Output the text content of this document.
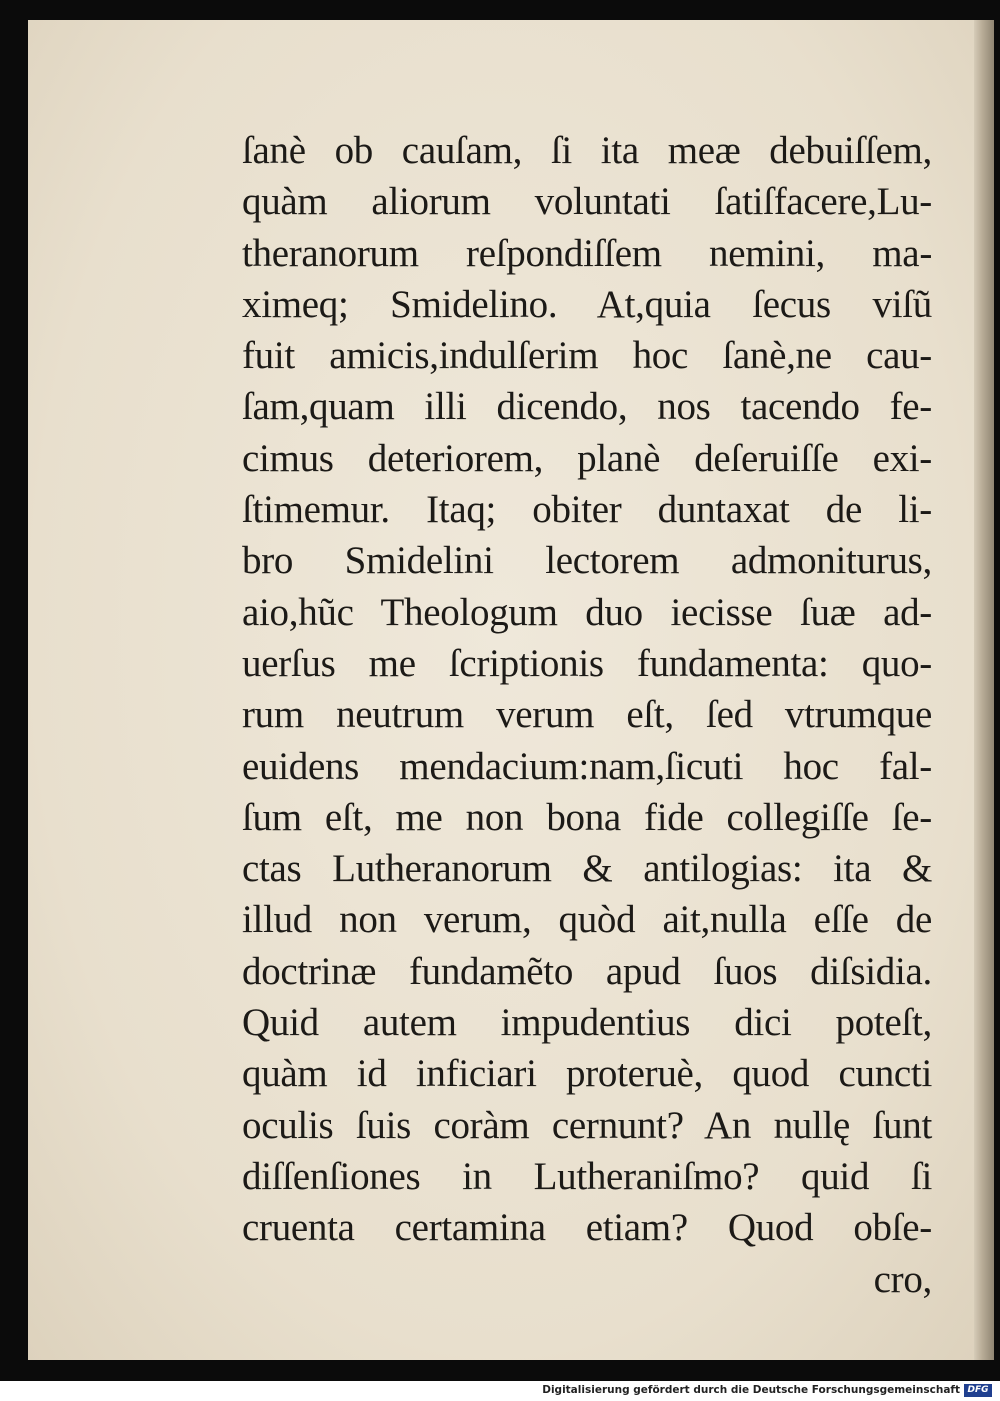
ſanè ob cauſam, ſi ita meæ debuiſſem,
quàm aliorum voluntati ſatiſfacere,Lu-
theranorum reſpondiſſem nemini, ma-
ximeq; Smidelino. At,quia ſecus viſũ
fuit amicis,indulſerim hoc ſanè,ne cau-
ſam,quam illi dicendo, nos tacendo fe-
cimus deteriorem, planè deſeruiſſe exi-
ſtimemur. Itaq; obiter duntaxat de li-
bro Smidelini lectorem admoniturus,
aio,hũc Theologum duo iecisse ſuæ ad-
uerſus me ſcriptionis fundamenta: quo-
rum neutrum verum eſt, ſed vtrumque
euidens mendacium:nam,ſicuti hoc fal-
ſum eſt, me non bona fide collegiſſe ſe-
ctas Lutheranorum & antilogias: ita &
illud non verum, quòd ait,nulla eſſe de
doctrinæ fundamẽto apud ſuos diſsidia.
Quid autem impudentius dici poteſt,
quàm id inficiari proteruè, quod cuncti
oculis ſuis coràm cernunt? An nullę ſunt
diſſenſiones in Lutheraniſmo? quid ſi
cruenta certamina etiam? Quod obſe-
cro,
Digitalisierung gefördert durch die Deutsche Forschungsgemeinschaft DFG
